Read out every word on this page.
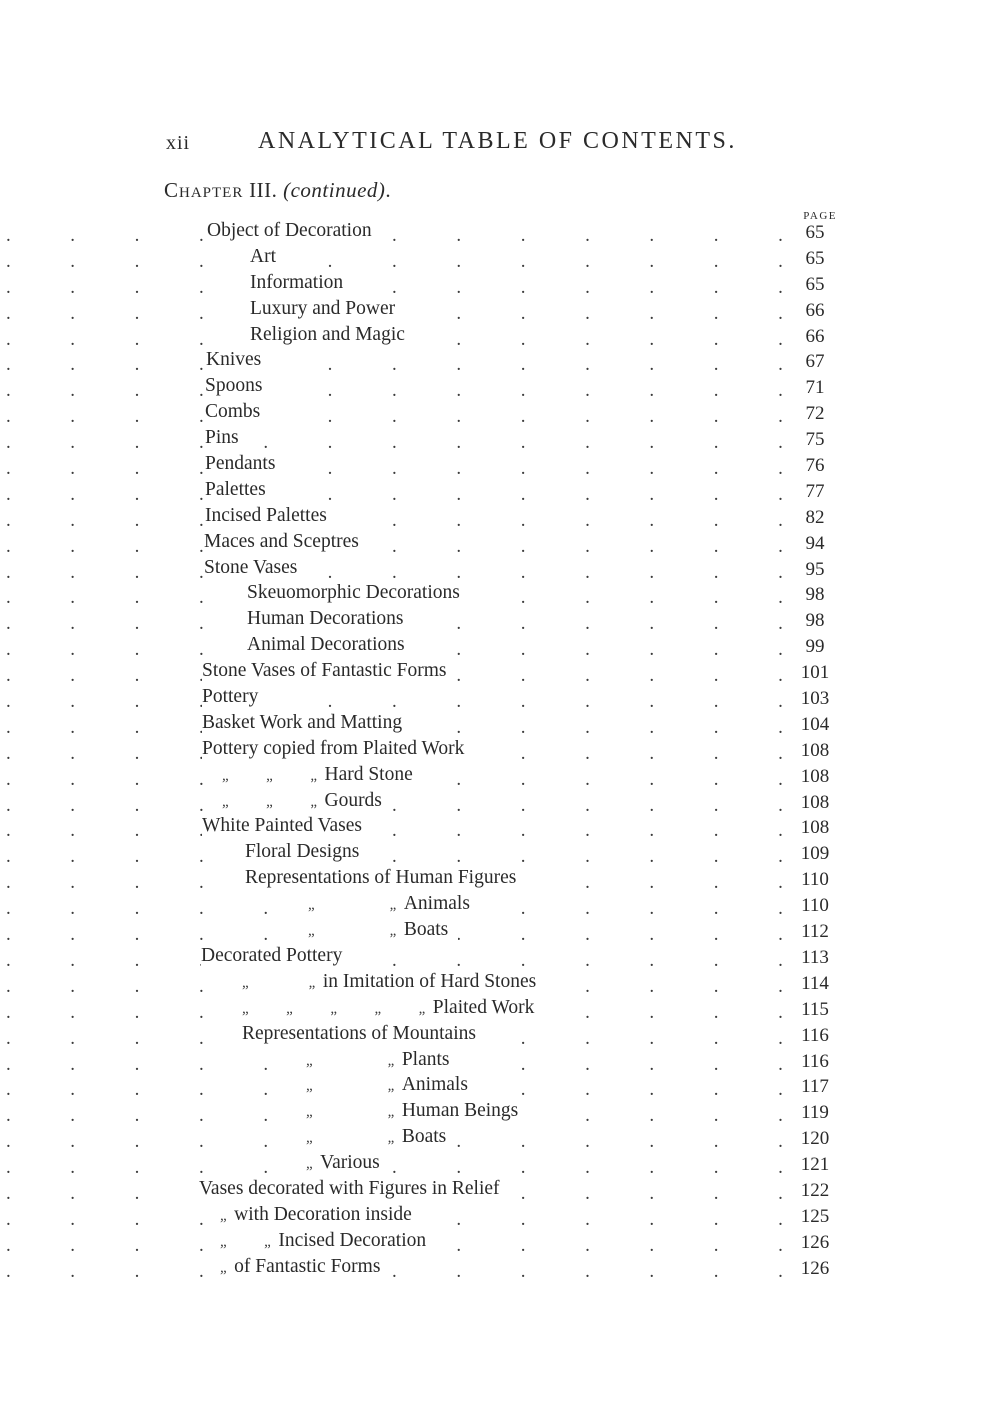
xii	ANALYTICAL TABLE OF CONTENTS.
Chapter III. (continued).
PAGE
.
Object of Decoration	65
.
Art	65
.
Information	65
.
Luxury and Power	66
.
Religion and Magic	66
.
Knives	67
.
Spoons	71
.
Combs	72
.
Pins	75
.
Pendants	76
.
Palettes	77
.
Incised Palettes	82
.
Maces and Sceptres	94
.
Stone Vases	95
.
Skeuomorphic Decorations	98
.
Human Decorations	98
.
Animal Decorations	99
.
Stone Vases of Fantastic Forms	101
.
Pottery	103
.
Basket Work and Matting	104
.
Pottery copied from Plaited Work	108
.
„          „          „  Hard Stone	108
.
„          „          „  Gourds	108
.
White Painted Vases	108
.
Floral Designs	109
.
Representations of Human Figures	110
.
„                    „  Animals	110
.
„                    „  Boats	112
.
Decorated Pottery	113
.
„                „  in Imitation of Hard Stones	114
.
„          „          „          „          „  Plaited Work	115
.
Representations of Mountains	116
.
„                    „  Plants	116
.
„                    „  Animals	117
.
„                    „  Human Beings	119
.
„                    „  Boats	120
.
„  Various	121
.
Vases decorated with Figures in Relief	122
.
„  with Decoration inside	125
.
„          „  Incised Decoration	126
.
„  of Fantastic Forms	126
